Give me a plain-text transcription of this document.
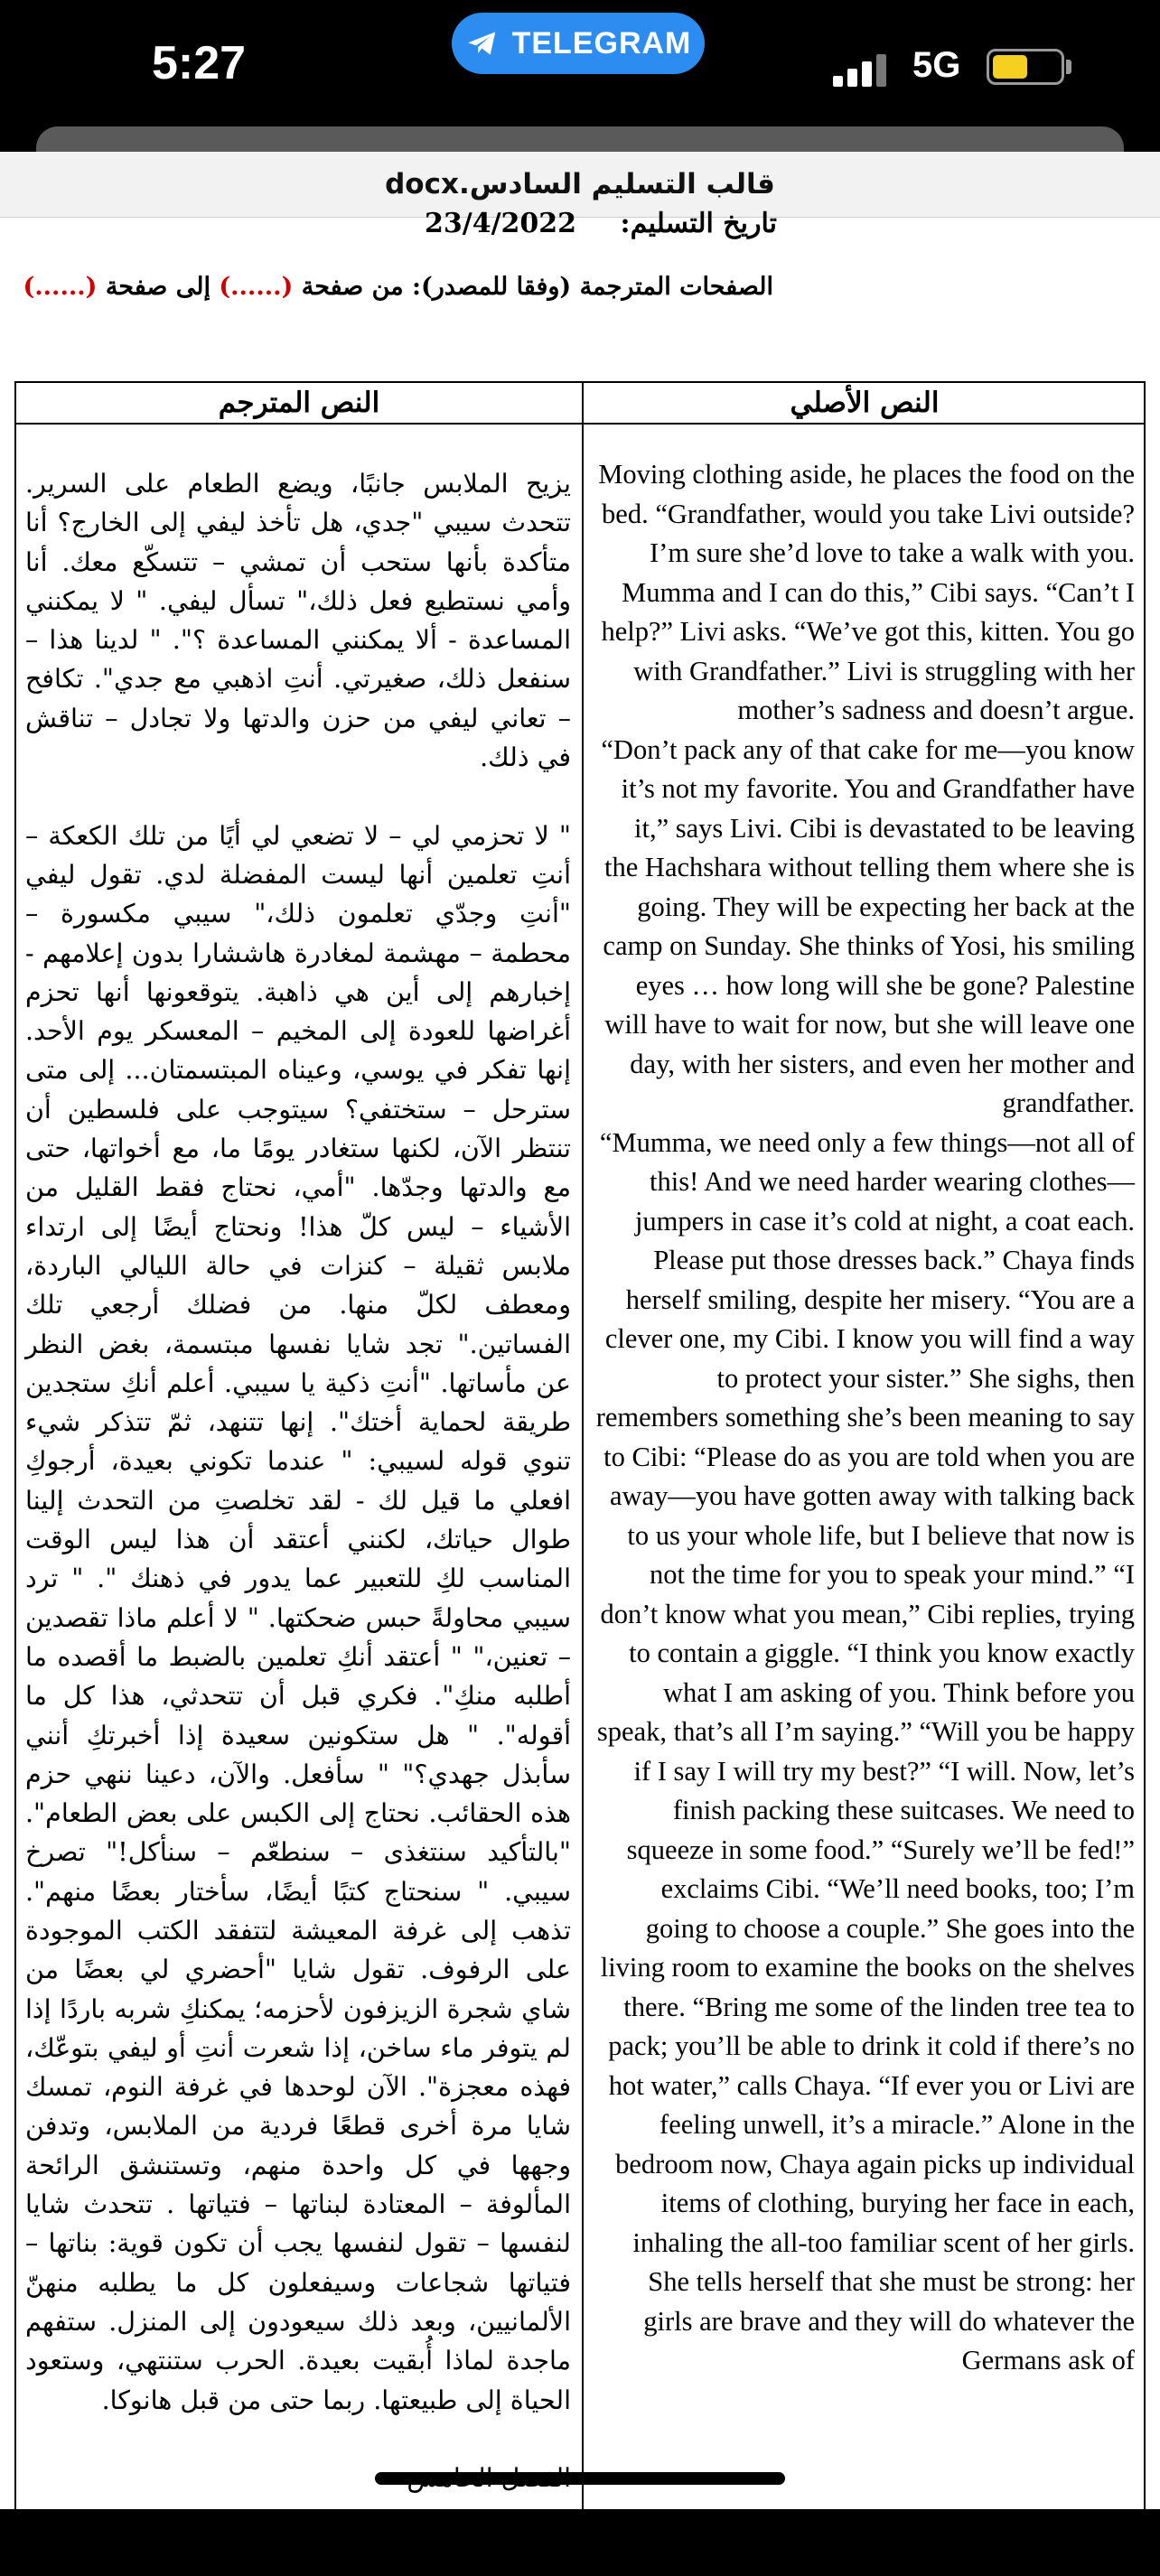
5:27	TELEGRAM
5G
قالب التسليم السادس.docx
تاريخ التسليم:
23/4/2022
الصفحات المترجمة (وفقا للمصدر): من صفحة (......) إلى صفحة (......)
النص المترجم	النص الأصلي
يزيح الملابس جانبًا، ويضع الطعام على السرير. تتحدث سيبي "جدي، هل تأخذ ليفي إلى الخارج؟ أنا متأكدة بأنها ستحب أن تمشي – تتسكّع معك. أنا وأمي نستطيع فعل ذلك،" تسأل ليفي. " لا يمكنني المساعدة - ألا يمكنني المساعدة ؟". " لدينا هذا – سنفعل ذلك، صغيرتي. أنتِ اذهبي مع جدي". تكافح – تعاني ليفي من حزن والدتها ولا تجادل – تناقش في ذلك.

" لا تحزمي لي – لا تضعي لي أيًا من تلك الكعكة – أنتِ تعلمين أنها ليست المفضلة لدي. تقول ليفي "أنتِ وجدّي تعلمون ذلك،" سيبي مكسورة – محطمة – مهشمة لمغادرة هاششارا بدون إعلامهم - إخبارهم إلى أين هي ذاهبة. يتوقعونها أنها تحزم أغراضها للعودة إلى المخيم – المعسكر يوم الأحد. إنها تفكر في يوسي، وعيناه المبتسمتان... إلى متى سترحل – ستختفي؟ سيتوجب على فلسطين أن تنتظر الآن، لكنها ستغادر يومًا ما، مع أخواتها، حتى مع والدتها وجدّها. "أمي، نحتاج فقط القليل من الأشياء – ليس كلّ هذا! ونحتاج أيضًا إلى ارتداء ملابس ثقيلة – كنزات في حالة الليالي الباردة، ومعطف لكلّ منها. من فضلك أرجعي تلك الفساتين." تجد شايا نفسها مبتسمة، بغض النظر عن مأساتها. "أنتِ ذكية يا سيبي. أعلم أنكِ ستجدين طريقة لحماية أختك". إنها تتنهد، ثمّ تتذكر شيء تنوي قوله لسيبي: " عندما تكوني بعيدة، أرجوكِ افعلي ما قيل لك - لقد تخلصتِ من التحدث إلينا طوال حياتك، لكنني أعتقد أن هذا ليس الوقت المناسب لكِ للتعبير عما يدور في ذهنك ". " ترد سيبي محاولةً حبس ضحكتها. " لا أعلم ماذا تقصدين – تعنين،" " أعتقد أنكِ تعلمين بالضبط ما أقصده ما أطلبه منكِ". فكري قبل أن تتحدثي، هذا كل ما أقوله". " هل ستكونين سعيدة إذا أخبرتكِ أنني سأبذل جهدي؟" " سأفعل. والآن، دعينا ننهي حزم هذه الحقائب. نحتاج إلى الكبس على بعض الطعام". "بالتأكيد سنتغذى – سنطعّم – سنأكل!" تصرخ سيبي. " سنحتاج كتبًا أيضًا، سأختار بعضًا منهم". تذهب إلى غرفة المعيشة لتتفقد الكتب الموجودة على الرفوف. تقول شايا "أحضري لي بعضًا من شاي شجرة الزيزفون لأحزمه؛ يمكنكِ شربه باردًا إذا لم يتوفر ماء ساخن، إذا شعرت أنتِ أو ليفي بتوعّك، فهذه معجزة". الآن لوحدها في غرفة النوم، تمسك شايا مرة أخرى قطعًا فردية من الملابس، وتدفن وجهها في كل واحدة منهم، وتستنشق الرائحة المألوفة – المعتادة لبناتها – فتياتها . تتحدث شايا لنفسها – تقول لنفسها يجب أن تكون قوية: بناتها – فتياتها شجاعات وسيفعلون كل ما يطلبه منهنّ الألمانيين، وبعد ذلك سيعودون إلى المنزل. ستفهم ماجدة لماذا أُبقيت بعيدة. الحرب ستنتهي، وستعود الحياة إلى طبيعتها. ربما حتى من قبل هانوكا.

مستشفى هوميني
مارس 1942

Moving clothing aside, he places the food on the bed. “Grandfather, would you take Livi outside? I’m sure she’d love to take a walk with you. Mumma and I can do this,” Cibi says. “Can’t I help?” Livi asks. “We’ve got this, kitten. You go with Grandfather.” Livi is struggling with her mother’s sadness and doesn’t argue.

“Don’t pack any of that cake for me—you know it’s not my favorite. You and Grandfather have it,” says Livi. Cibi is devastated to be leaving the Hachshara without telling them where she is going. They will be expecting her back at the camp on Sunday. She thinks of Yosi, his smiling eyes … how long will she be gone? Palestine will have to wait for now, but she will leave one day, with her sisters, and even her mother and grandfather.

“Mumma, we need only a few things—not all of this! And we need harder wearing clothes—jumpers in case it’s cold at night, a coat each. Please put those dresses back.” Chaya finds herself smiling, despite her misery. “You are a clever one, my Cibi. I know you will find a way to protect your sister.” She sighs, then remembers something she’s been meaning to say to Cibi: “Please do as you are told when you are away—you have gotten away with talking back to us your whole life, but I believe that now is not the time for you to speak your mind.” “I don’t know what you mean,” Cibi replies, trying to contain a giggle. “I think you know exactly what I am asking of you. Think before you speak, that’s all I’m saying.” “Will you be happy if I say I will try my best?” “I will. Now, let’s finish packing these suitcases. We need to squeeze in some food.” “Surely we’ll be fed!” exclaims Cibi. “We’ll need books, too; I’m going to choose a couple.” She goes into the living room to examine the books on the shelves there. “Bring me some of the linden tree tea to pack; you’ll be able to drink it cold if there’s no hot water,” calls Chaya. “If ever you or Livi are feeling unwell, it’s a miracle.” Alone in the bedroom now, Chaya again picks up individual items of clothing, burying her face in each, inhaling the all-too familiar scent of her girls. She tells herself that she must be strong: her girls are brave and they will do whatever the Germans ask of
